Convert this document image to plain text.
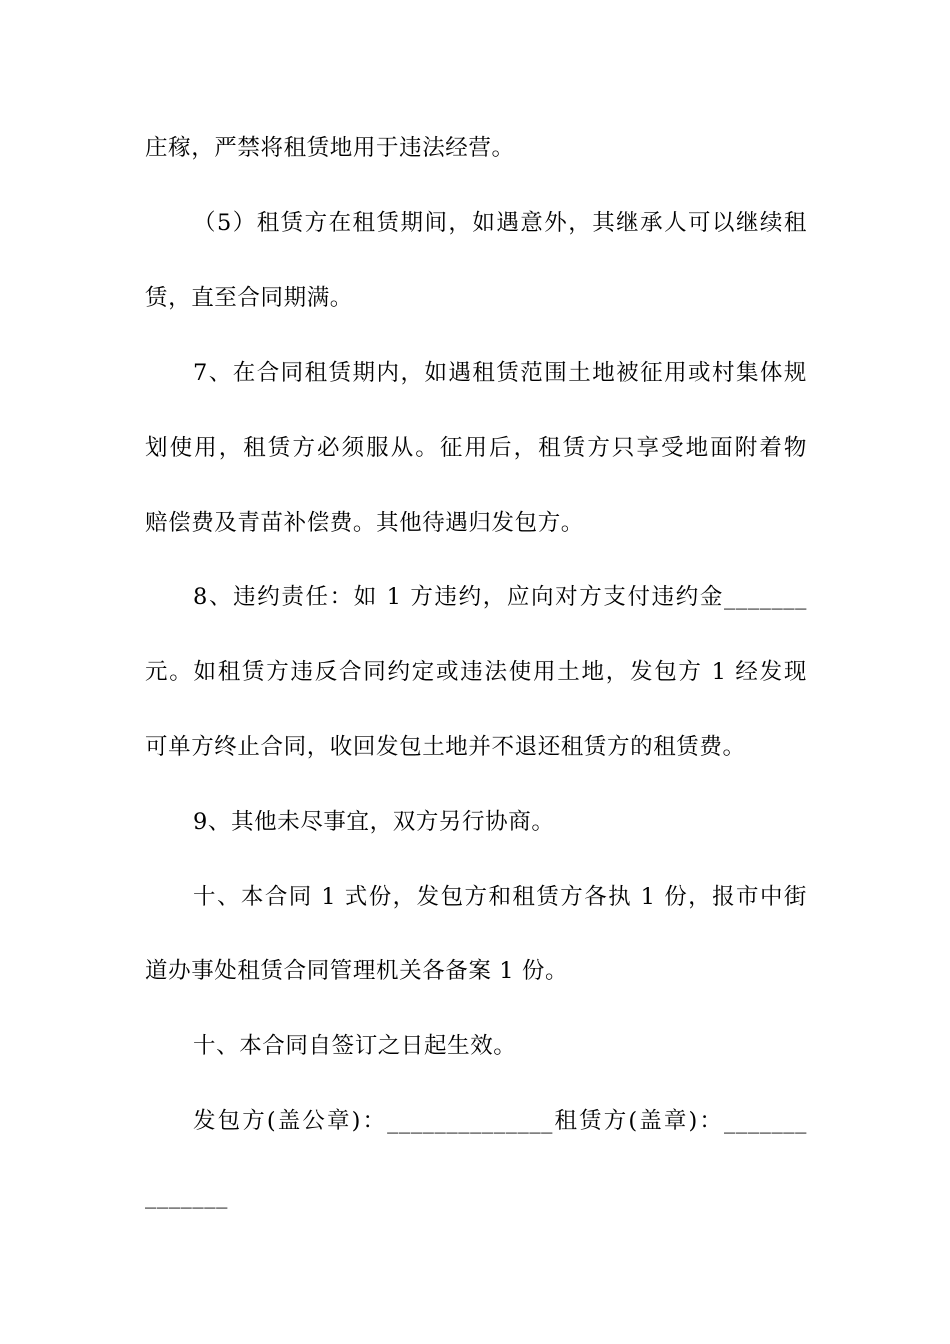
庄稼，严禁将租赁地用于违法经营。
（5）租赁方在租赁期间，如遇意外，其继承人可以继续租
赁，直至合同期满。
7、在合同租赁期内，如遇租赁范围土地被征用或村集体规
划使用，租赁方必须服从。征用后，租赁方只享受地面附着物
赔偿费及青苗补偿费。其他待遇归发包方。
8、违约责任：如 1 方违约，应向对方支付违约金_______
元。如租赁方违反合同约定或违法使用土地，发包方 1 经发现
可单方终止合同，收回发包土地并不退还租赁方的租赁费。
9、其他未尽事宜，双方另行协商。
十、本合同 1 式份，发包方和租赁方各执 1 份，报市中街
道办事处租赁合同管理机关各备案 1 份。
十、本合同自签订之日起生效。
发包方(盖公章)：______________租赁方(盖章)：_______
_______
